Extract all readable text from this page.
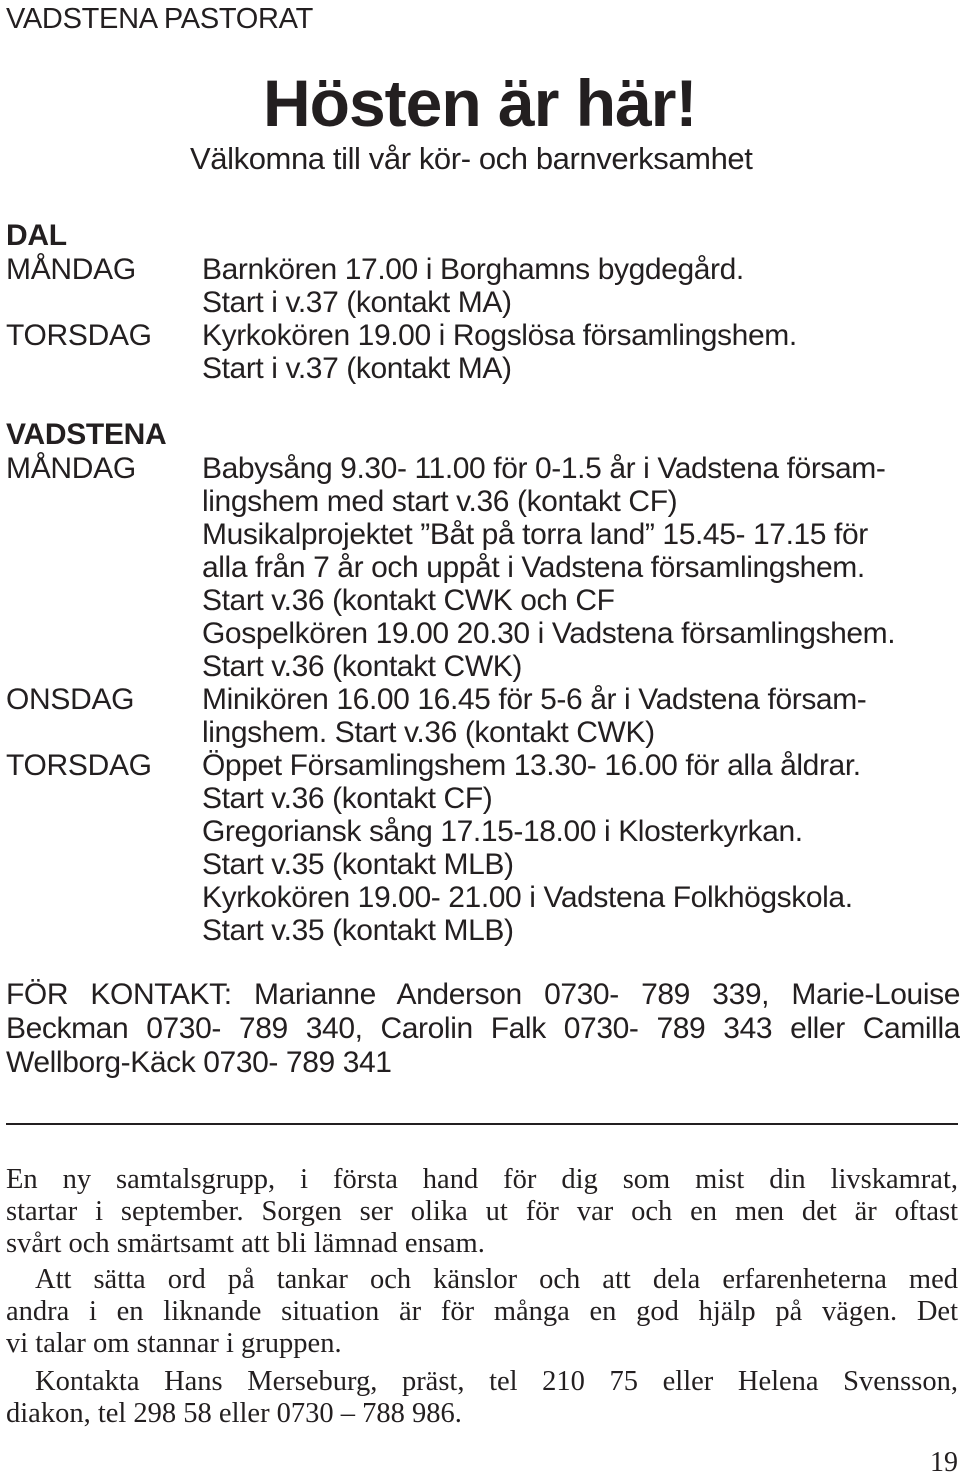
VADSTENA PASTORAT
Hösten är här!
Välkomna till vår kör- och barnverksamhet
DAL
MÅNDAG
TORSDAG
Barnkören 17.00 i Borghamns bygdegård.
Start i v.37 (kontakt MA)
Kyrkokören 19.00 i Rogslösa församlingshem.
Start i v.37 (kontakt MA)
VADSTENA
MÅNDAG
ONSDAG
TORSDAG
Babysång 9.30- 11.00 för 0-1.5 år i Vadstena försam-
lingshem med start v.36 (kontakt CF)
Musikalprojektet ”Båt på torra land” 15.45- 17.15 för
alla från 7 år och uppåt i Vadstena församlingshem.
Start v.36 (kontakt CWK och CF
Gospelkören 19.00 20.30 i Vadstena församlingshem.
Start v.36 (kontakt CWK)
Minikören 16.00 16.45 för 5-6 år i Vadstena försam-
lingshem. Start v.36 (kontakt CWK)
Öppet Församlingshem 13.30- 16.00 för alla åldrar.
Start v.36 (kontakt CF)
Gregoriansk sång 17.15-18.00 i Klosterkyrkan.
Start v.35 (kontakt MLB)
Kyrkokören 19.00- 21.00 i Vadstena Folkhögskola.
Start v.35 (kontakt MLB)
FÖR KONTAKT: Marianne Anderson 0730- 789 339, Marie-Louise
Beckman 0730- 789 340, Carolin Falk 0730- 789 343 eller Camilla
Wellborg-Käck 0730- 789 341
En ny samtalsgrupp, i första hand för dig som mist din livskamrat,
startar i september. Sorgen ser olika ut för var och en men det är oftast
svårt och smärtsamt att bli lämnad ensam.
Att sätta ord på tankar och känslor och att dela erfarenheterna med
andra i en liknande situation är för många en god hjälp på vägen. Det
vi talar om stannar i gruppen.
Kontakta Hans Merseburg, präst, tel 210 75 eller Helena Svensson,
diakon, tel 298 58 eller 0730 – 788 986.
19
